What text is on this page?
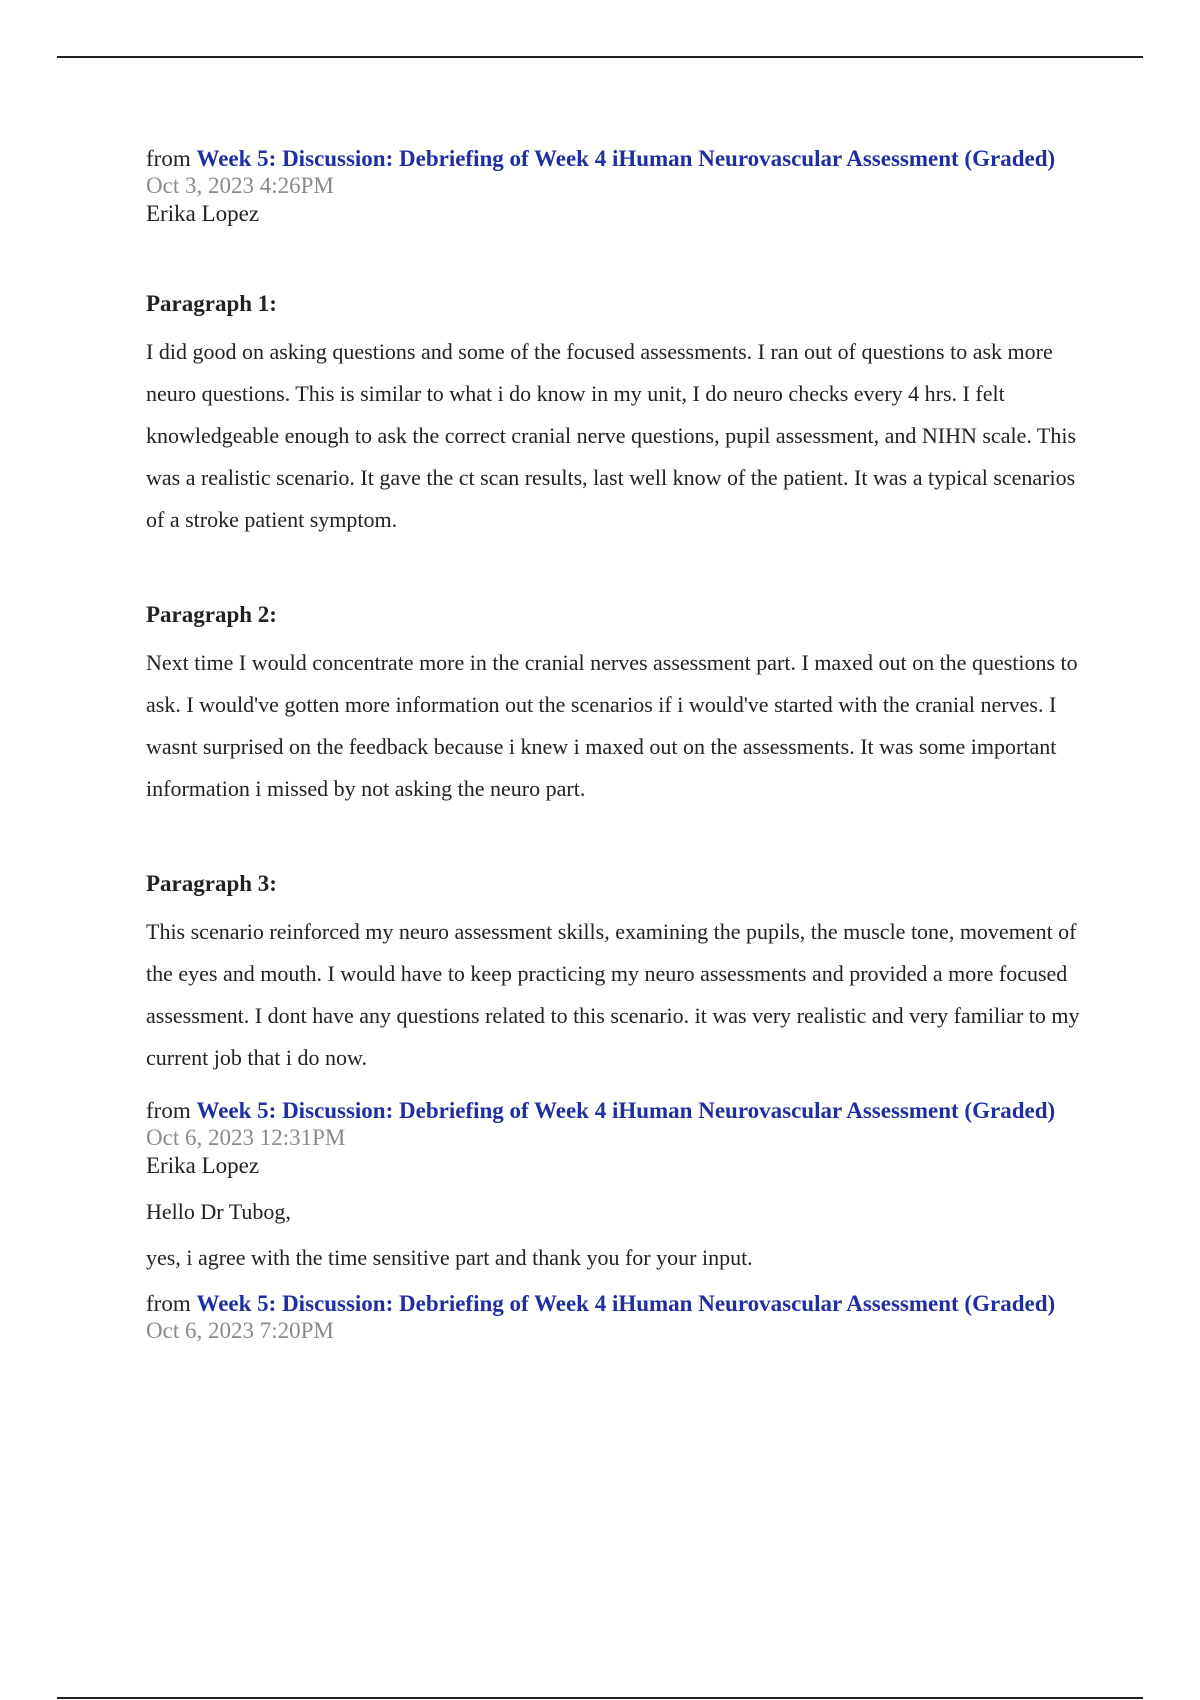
from Week 5: Discussion: Debriefing of Week 4 iHuman Neurovascular Assessment (Graded)

Oct 3, 2023 4:26PM

Erika Lopez

Paragraph 1:

I did good on asking questions and some of the focused assessments. I ran out of questions to ask more neuro questions. This is similar to what i do know in my unit, I do neuro checks every 4 hrs. I felt knowledgeable enough to ask the correct cranial nerve questions, pupil assessment, and NIHN scale. This was a realistic scenario. It gave the ct scan results, last well know of the patient. It was a typical scenarios of a stroke patient symptom.

Paragraph 2:

Next time I would concentrate more in the cranial nerves assessment part. I maxed out on the questions to ask. I would've gotten more information out the scenarios if i would've started with the cranial nerves. I wasnt surprised on the feedback because i knew i maxed out on the assessments. It was some important information i missed by not asking the neuro part.

Paragraph 3:

This scenario reinforced my neuro assessment skills, examining the pupils, the muscle tone, movement of the eyes and mouth. I would have to keep practicing my neuro assessments and provided a more focused assessment. I dont have any questions related to this scenario. it was very realistic and very familiar to my current job that i do now.

from Week 5: Discussion: Debriefing of Week 4 iHuman Neurovascular Assessment (Graded)

Oct 6, 2023 12:31PM

Erika Lopez

Hello Dr Tubog,

yes, i agree with the time sensitive part and thank you for your input.

from Week 5: Discussion: Debriefing of Week 4 iHuman Neurovascular Assessment (Graded)

Oct 6, 2023 7:20PM
